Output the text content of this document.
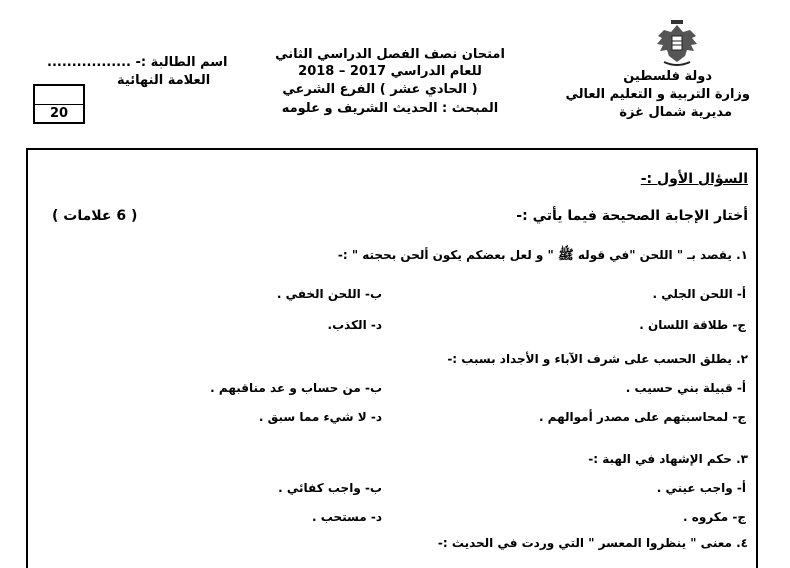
دولة فلسطين
وزارة التربية و التعليم العالي
مديرية شمال غزة
امتحان نصف الفصل الدراسي الثاني
للعام الدراسي 2017 – 2018
( الحادي عشر ) الفرع الشرعي
المبحث : الحديث الشريف و علومه
اسم الطالبة :- .................
العلامة النهائية
20
السؤال الأول :-
أختار الإجابة الصحيحة فيما يأتي :-
( 6 علامات )
١. يقصد بـ " اللحن "في قوله ﷺ " و لعل بعضكم يكون ألحن بحجته " :-
أ- اللحن الجلي .
ب- اللحن الخفي .
ج- طلاقة اللسان .
د- الكذب.
٢. يطلق الحسب على شرف الآباء و الأجداد بسبب :-
أ- قبيلة بني حسيب .
ب- من حساب و عد مناقبهم .
ج- لمحاسبتهم على مصدر أموالهم .
د- لا شيء مما سبق .
٣. حكم الإشهاد في الهبة :-
أ- واجب عيني .
ب- واجب كفائي .
ج- مكروه .
د- مستحب .
٤. معنى " ينظروا المعسر " التي وردت في الحديث :-
